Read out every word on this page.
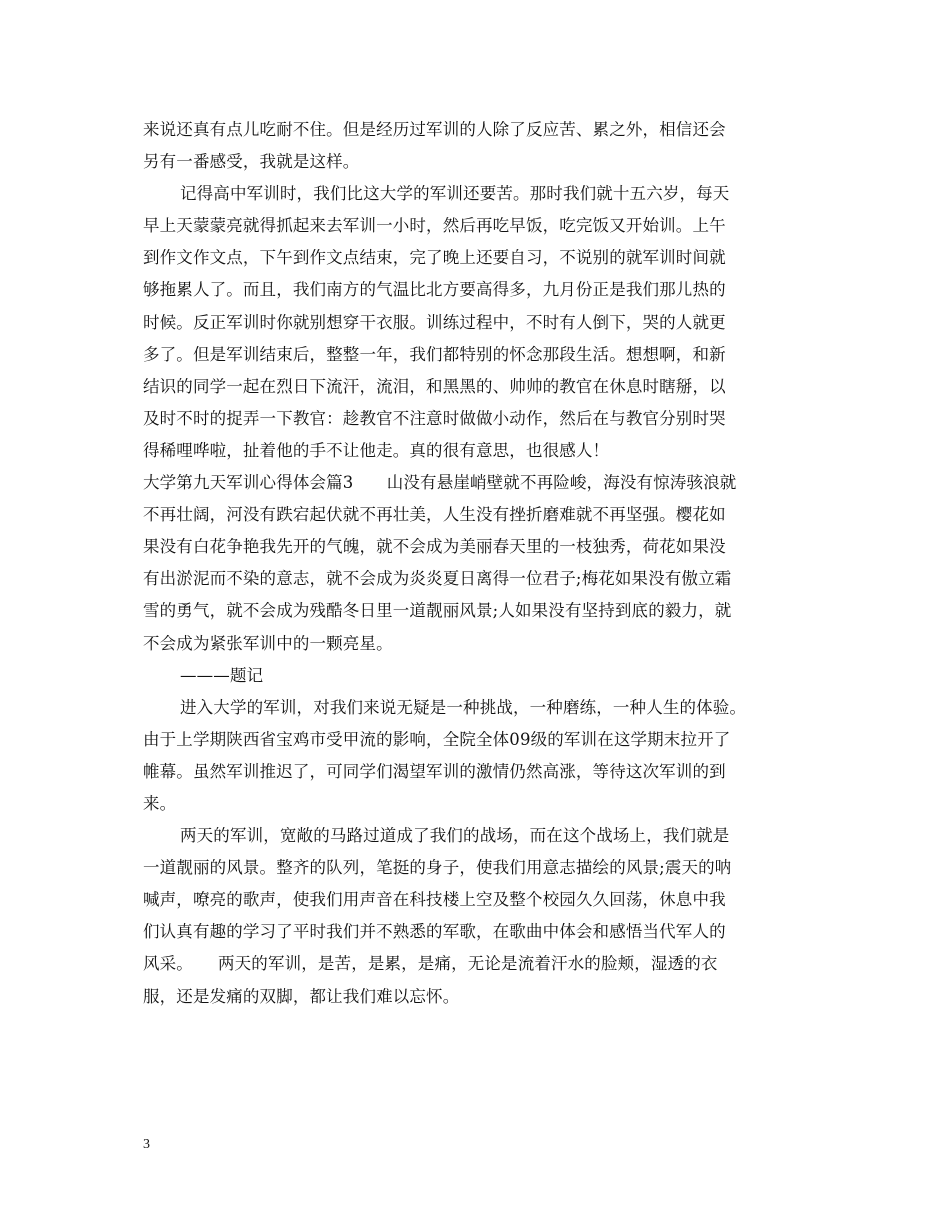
来说还真有点儿吃耐不住。但是经历过军训的人除了反应苦、累之外，相信还会
另有一番感受，我就是这样。
记得高中军训时，我们比这大学的军训还要苦。那时我们就十五六岁，每天
早上天蒙蒙亮就得抓起来去军训一小时，然后再吃早饭，吃完饭又开始训。上午
到作文作文点，下午到作文点结束，完了晚上还要自习，不说别的就军训时间就
够拖累人了。而且，我们南方的气温比北方要高得多，九月份正是我们那儿热的
时候。反正军训时你就别想穿干衣服。训练过程中，不时有人倒下，哭的人就更
多了。但是军训结束后，整整一年，我们都特别的怀念那段生活。想想啊，和新
结识的同学一起在烈日下流汗，流泪，和黑黑的、帅帅的教官在休息时瞎掰，以
及时不时的捉弄一下教官：趁教官不注意时做做小动作，然后在与教官分别时哭
得稀哩哗啦，扯着他的手不让他走。真的很有意思，也很感人！
大学第九天军训心得体会篇3　　山没有悬崖峭壁就不再险峻，海没有惊涛骇浪就
不再壮阔，河没有跌宕起伏就不再壮美，人生没有挫折磨难就不再坚强。樱花如
果没有白花争艳我先开的气魄，就不会成为美丽春天里的一枝独秀，荷花如果没
有出淤泥而不染的意志，就不会成为炎炎夏日离得一位君子;梅花如果没有傲立霜
雪的勇气，就不会成为残酷冬日里一道靓丽风景;人如果没有坚持到底的毅力，就
不会成为紧张军训中的一颗亮星。
———题记
进入大学的军训，对我们来说无疑是一种挑战，一种磨练，一种人生的体验。
由于上学期陕西省宝鸡市受甲流的影响，全院全体09级的军训在这学期末拉开了
帷幕。虽然军训推迟了，可同学们渴望军训的激情仍然高涨，等待这次军训的到
来。
两天的军训，宽敞的马路过道成了我们的战场，而在这个战场上，我们就是
一道靓丽的风景。整齐的队列，笔挺的身子，使我们用意志描绘的风景;震天的呐
喊声，嘹亮的歌声，使我们用声音在科技楼上空及整个校园久久回荡，休息中我
们认真有趣的学习了平时我们并不熟悉的军歌，在歌曲中体会和感悟当代军人的
风采。　　两天的军训，是苦，是累，是痛，无论是流着汗水的脸颊，湿透的衣
服，还是发痛的双脚，都让我们难以忘怀。
3
